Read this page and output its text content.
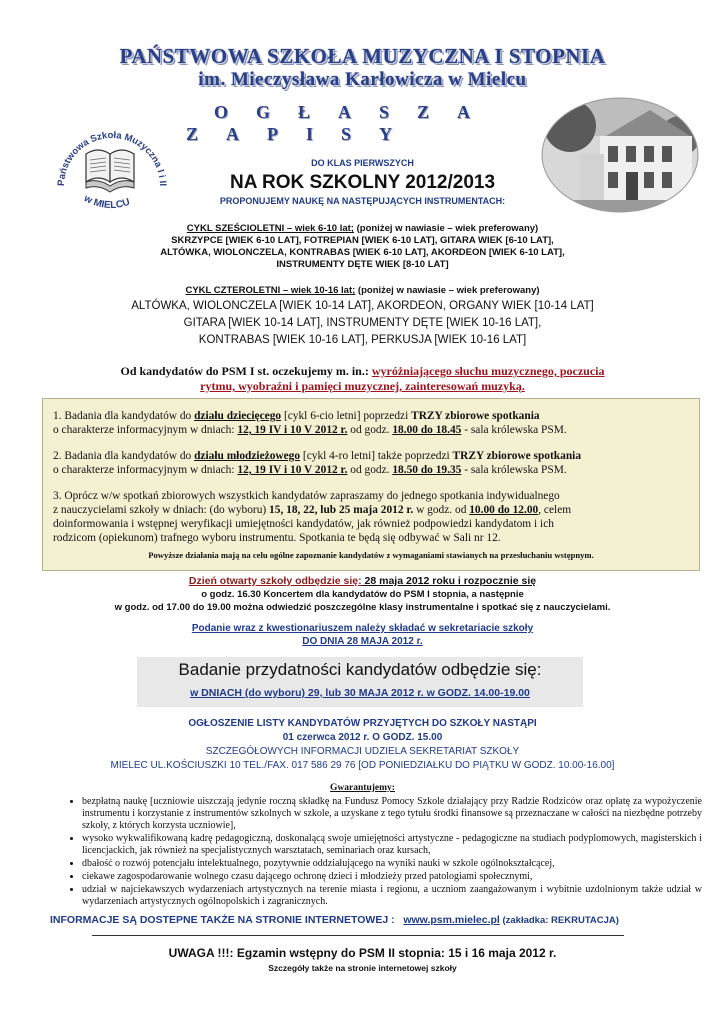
PAŃSTWOWA SZKOŁA MUZYCZNA I STOPNIA
im. Mieczysława Karłowicza w Mielcu
OGŁASZA
ZAPISY
Państwowa Szkoła Muzyczna I i II
w MIELCU
DO KLAS PIERWSZYCH
NA ROK SZKOLNY 2012/2013
PROPONUJEMY NAUKĘ NA NASTĘPUJĄCYCH INSTRUMENTACH:
CYKL SZEŚCIOLETNI – wiek 6-10 lat; (poniżej w nawiasie – wiek preferowany)
SKRZYPCE [WIEK 6-10 LAT], FOTREPIAN [WIEK 6-10 LAT], GITARA WIEK [6-10 LAT],
ALTÓWKA, WIOLONCZELA, KONTRABAS [WIEK 6-10 LAT], AKORDEON [WIEK 6-10 LAT],
INSTRUMENTY DĘTE WIEK [8-10 LAT]
CYKL CZTEROLETNI – wiek 10-16 lat; (poniżej w nawiasie – wiek preferowany)
ALTÓWKA, WIOLONCZELA [WIEK 10-14 LAT], AKORDEON, ORGANY WIEK [10-14 LAT]
GITARA [WIEK 10-14 LAT], INSTRUMENTY DĘTE [WIEK 10-16 LAT],
KONTRABAS [WIEK 10-16 LAT], PERKUSJA [WIEK 10-16 LAT]
Od kandydatów do PSM I st. oczekujemy m. in.: wyróżniającego słuchu muzycznego, poczucia
rytmu, wyobraźni i pamięci muzycznej, zainteresowań muzyką.

1. Badania dla kandydatów do działu dziecięcego [cykl 6-cio letni] poprzedzi TRZY zbiorowe spotkania
o charakterze informacyjnym w dniach: 12, 19 IV i 10 V 2012 r. od godz. 18.00 do 18.45 - sala królewska PSM.

2. Badania dla kandydatów do działu młodzieżowego [cykl 4-ro letni] także poprzedzi TRZY zbiorowe spotkania
o charakterze informacyjnym w dniach: 12, 19 IV i 10 V 2012 r. od godz. 18.50 do 19.35 - sala królewska PSM.

3. Oprócz w/w spotkań zbiorowych wszystkich kandydatów zapraszamy do jednego spotkania indywidualnego
z nauczycielami szkoły w dniach: (do wyboru) 15, 18, 22, lub 25 maja 2012 r. w godz. od 10.00 do 12.00, celem
doinformowania i wstępnej weryfikacji umiejętności kandydatów, jak również podpowiedzi kandydatom i ich
rodzicom (opiekunom) trafnego wyboru instrumentu. Spotkania te będą się odbywać w Sali nr 12.

Powyższe działania mają na celu ogólne zapoznanie kandydatów z wymaganiami stawianych na przesłuchaniu wstępnym.
Dzień otwarty szkoły odbędzie się: 28 maja 2012 roku i rozpocznie się
o godz. 16.30 Koncertem dla kandydatów do PSM I stopnia, a następnie
w godz. od 17.00 do 19.00 można odwiedzić poszczególne klasy instrumentalne i spotkać się z nauczycielami.
Podanie wraz z kwestionariuszem należy składać w sekretariacie szkoły
DO DNIA 28 MAJA 2012 r.
Badanie przydatności kandydatów odbędzie się:
w DNIACH (do wyboru) 29, lub 30 MAJA 2012 r. w GODZ. 14.00-19.00
OGŁOSZENIE LISTY KANDYDATÓW PRZYJĘTYCH DO SZKOŁY NASTĄPI
01 czerwca 2012 r. O GODZ. 15.00
SZCZEGÓŁOWYCH INFORMACJI UDZIELA SEKRETARIAT SZKOŁY
MIELEC UL.KOŚCIUSZKI 10 TEL./FAX. 017 586 29 76 [OD PONIEDZIAŁKU DO PIĄTKU W GODZ. 10.00-16.00]
Gwarantujemy:
• bezpłatną naukę [uczniowie uiszczają jedynie roczną składkę na Fundusz Pomocy Szkole działający przy Radzie Rodziców oraz opłatę za wypożyczenie instrumentu i korzystanie z instrumentów szkolnych w szkole, a uzyskane z tego tytułu środki finansowe są przeznaczane w całości na niezbędne potrzeby szkoły, z których korzysta uczniowie],
• wysoko wykwalifikowaną kadrę pedagogiczną, doskonalącą swoje umiejętności artystyczne - pedagogiczne na studiach podyplomowych, magisterskich i licencjackich, jak również na specjalistycznych warsztatach, seminariach oraz kursach,
• dbałość o rozwój potencjału intelektualnego, pozytywnie oddziałującego na wyniki nauki w szkole ogólnokształcącej,
• ciekawe zagospodarowanie wolnego czasu dającego ochronę dzieci i młodzieży przed patologiami społecznymi,
• udział w najciekawszych wydarzeniach artystycznych na terenie miasta i regionu, a uczniom zaangażowanym i wybitnie uzdolnionym także udział w wydarzeniach artystycznych ogólnopolskich i zagranicznych.
INFORMACJE SĄ DOSTEPNE TAKŻE NA STRONIE INTERNETOWEJ : www.psm.mielec.pl (zakładka: REKRUTACJA)
UWAGA !!!: Egzamin wstępny do PSM II stopnia: 15 i 16 maja 2012 r.
Szczegóły także na stronie internetowej szkoły
